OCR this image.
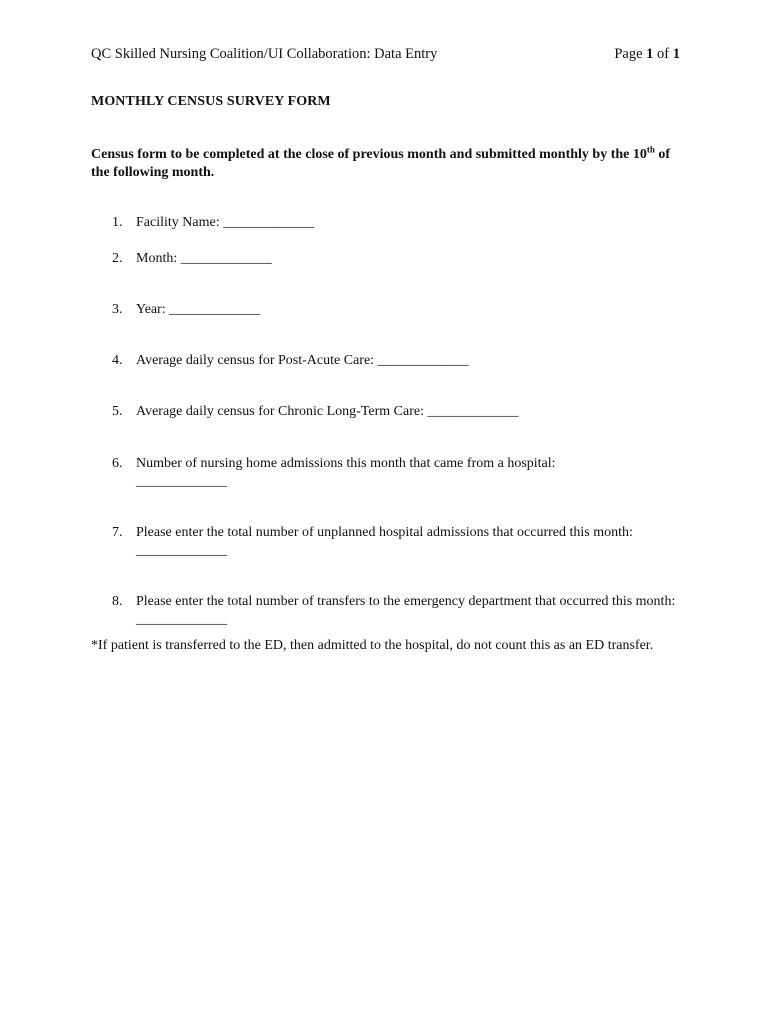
QC Skilled Nursing Coalition/UI Collaboration: Data Entry	Page 1 of 1
MONTHLY CENSUS SURVEY FORM
Census form to be completed at the close of previous month and submitted monthly by the 10th of the following month.
1. Facility Name: _____________
2. Month: _____________
3. Year: _____________
4. Average daily census for Post-Acute Care: _____________
5. Average daily census for Chronic Long-Term Care: _____________
6. Number of nursing home admissions this month that came from a hospital:
_____________
7. Please enter the total number of unplanned hospital admissions that occurred this month:
_____________
8. Please enter the total number of transfers to the emergency department that occurred this month: _____________
*If patient is transferred to the ED, then admitted to the hospital, do not count this as an ED transfer.
